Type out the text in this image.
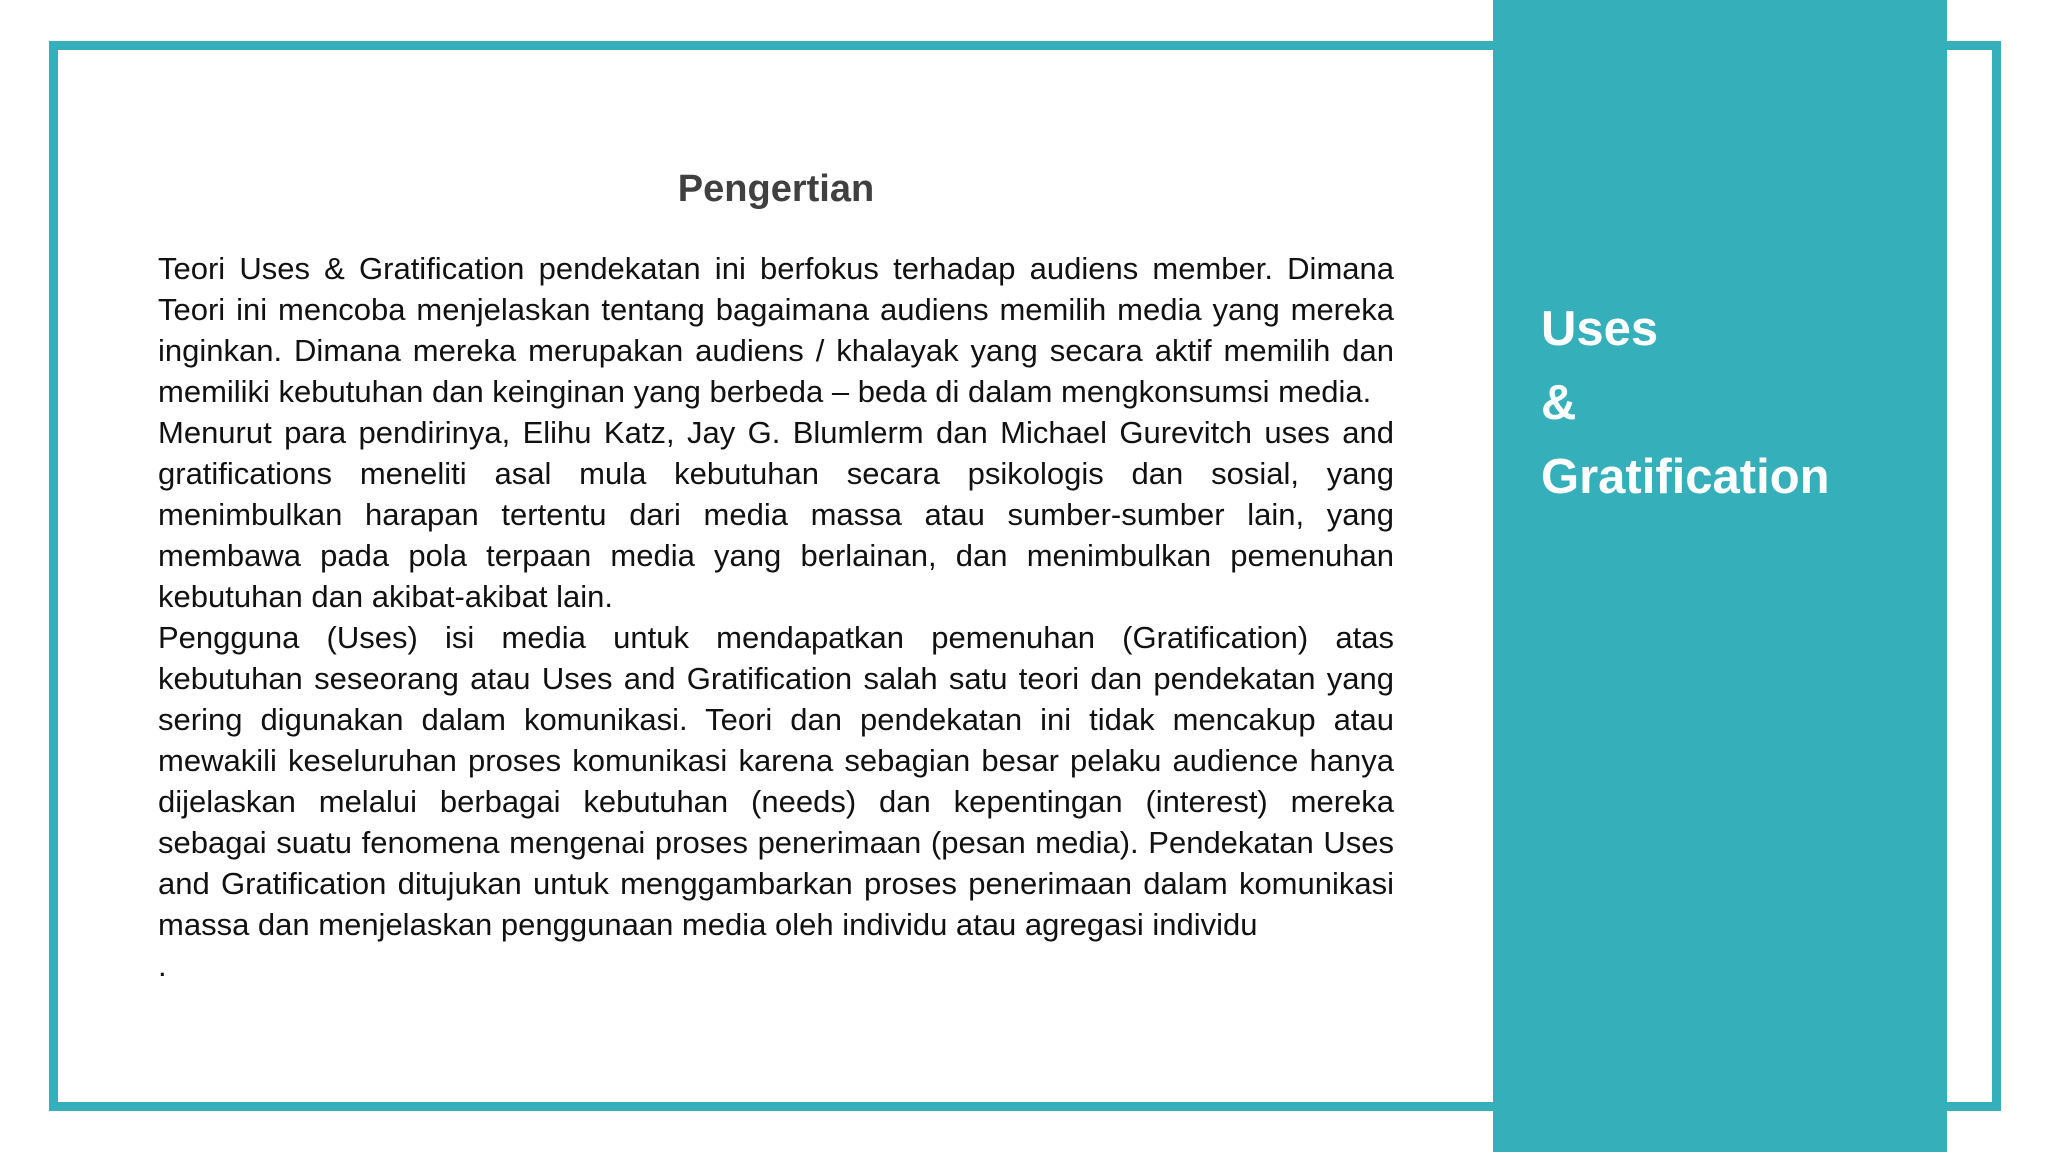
Uses
&
Gratification
Pengertian

Teori Uses & Gratification pendekatan ini berfokus terhadap audiens member. Dimana Teori ini mencoba menjelaskan tentang bagaimana audiens memilih media yang mereka inginkan. Dimana mereka merupakan audiens / khalayak yang secara aktif memilih dan memiliki kebutuhan dan keinginan yang berbeda – beda di dalam mengkonsumsi media.

Menurut para pendirinya, Elihu Katz, Jay G. Blumlerm dan Michael Gurevitch uses and gratifications meneliti asal mula kebutuhan secara psikologis dan sosial, yang menimbulkan harapan tertentu dari media massa atau sumber-sumber lain, yang membawa pada pola terpaan media yang berlainan, dan menimbulkan pemenuhan kebutuhan dan akibat-akibat lain.

Pengguna (Uses) isi media untuk mendapatkan pemenuhan (Gratification) atas kebutuhan seseorang atau Uses and Gratification salah satu teori dan pendekatan yang sering digunakan dalam komunikasi. Teori dan pendekatan ini tidak mencakup atau mewakili keseluruhan proses komunikasi karena sebagian besar pelaku audience hanya dijelaskan melalui berbagai kebutuhan (needs) dan kepentingan (interest) mereka sebagai suatu fenomena mengenai proses penerimaan (pesan media). Pendekatan Uses and Gratification ditujukan untuk menggambarkan proses penerimaan dalam komunikasi massa dan menjelaskan penggunaan media oleh individu atau agregasi individu

.
